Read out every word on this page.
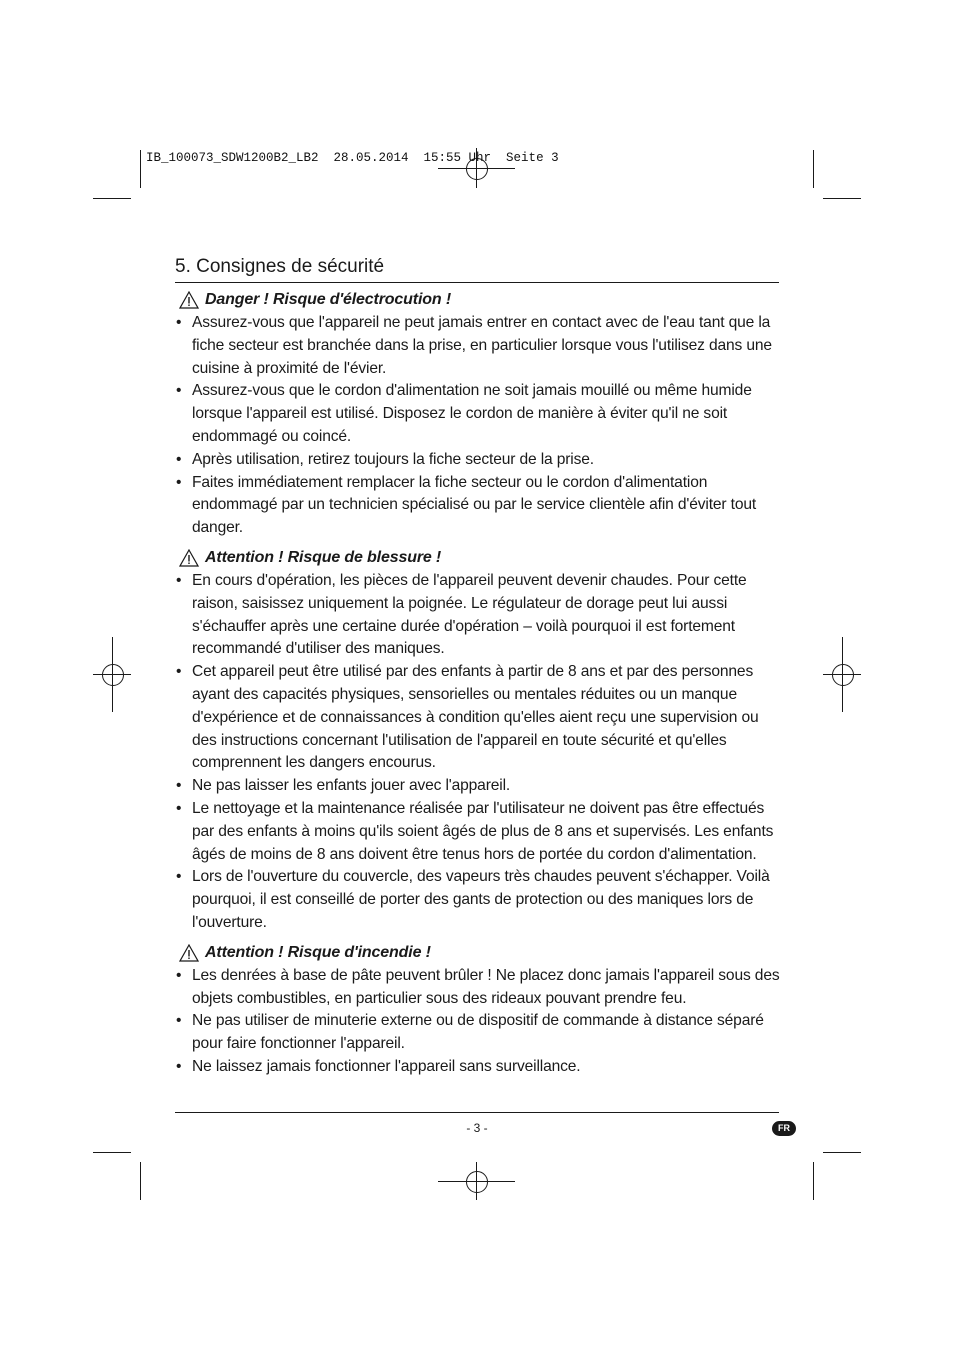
IB_100073_SDW1200B2_LB2  28.05.2014  15:55 Uhr  Seite 3
5. Consignes de sécurité
Danger ! Risque d'électrocution !
• Assurez-vous que l'appareil ne peut jamais entrer en contact avec de l'eau tant que la fiche secteur est branchée dans la prise, en particulier lorsque vous l'utilisez dans une cuisine à proximité de l'évier.
• Assurez-vous que le cordon d'alimentation ne soit jamais mouillé ou même humide lorsque l'appareil est utilisé. Disposez le cordon de manière à éviter qu'il ne soit endommagé ou coincé.
• Après utilisation, retirez toujours la fiche secteur de la prise.
• Faites immédiatement remplacer la fiche secteur ou le cordon d'alimentation endommagé par un technicien spécialisé ou par le service clientèle afin d'éviter tout danger.
Attention ! Risque de blessure !
• En cours d'opération, les pièces de l'appareil peuvent devenir chaudes. Pour cette raison, saisissez uniquement la poignée. Le régulateur de dorage peut lui aussi s'échauffer après une certaine durée d'opération – voilà pourquoi il est fortement recommandé d'utiliser des maniques.
• Cet appareil peut être utilisé par des enfants à partir de 8 ans et par des personnes ayant des capacités physiques, sensorielles ou mentales réduites ou un manque d'expérience et de connaissances à condition qu'elles aient reçu une supervision ou des instructions concernant l'utilisation de l'appareil en toute sécurité et qu'elles comprennent les dangers encourus.
• Ne pas laisser les enfants jouer avec l'appareil.
• Le nettoyage et la maintenance réalisée par l'utilisateur ne doivent pas être effectués par des enfants à moins qu'ils soient âgés de plus de 8 ans et supervisés. Les enfants âgés de moins de 8 ans doivent être tenus hors de portée du cordon d'alimentation.
• Lors de l'ouverture du couvercle, des vapeurs très chaudes peuvent s'échapper. Voilà pourquoi, il est conseillé de porter des gants de protection ou des maniques lors de l'ouverture.
Attention ! Risque d'incendie !
• Les denrées à base de pâte peuvent brûler ! Ne placez donc jamais l'appareil sous des objets combustibles, en particulier sous des rideaux pouvant prendre feu.
• Ne pas utiliser de minuterie externe ou de dispositif de commande à distance séparé pour faire fonctionner l'appareil.
• Ne laissez jamais fonctionner l'appareil sans surveillance.
- 3 -	FR
